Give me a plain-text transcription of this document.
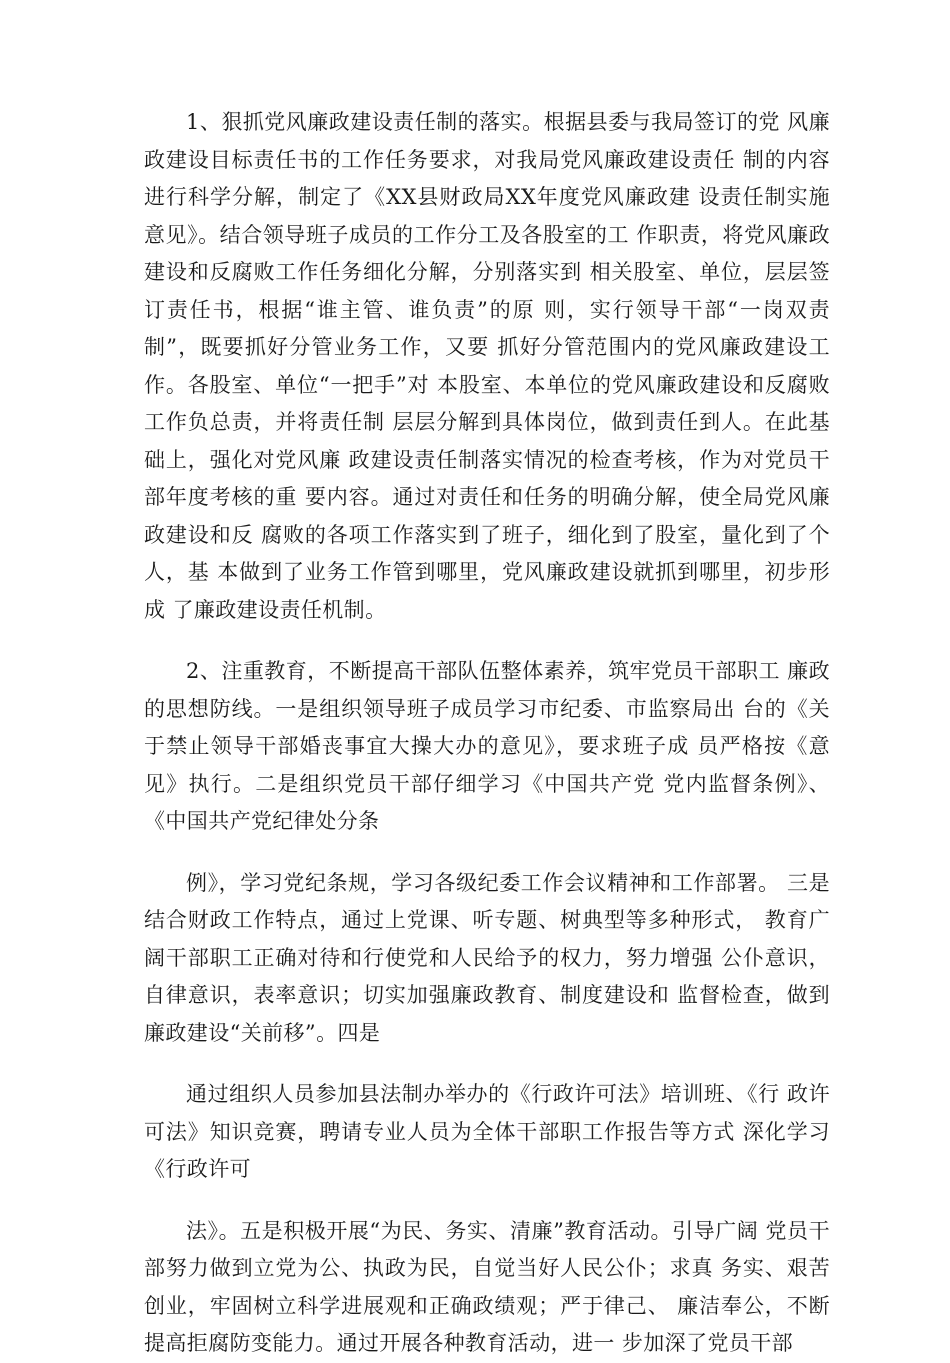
1、狠抓党风廉政建设责任制的落实。根据县委与我局签订的党 风廉政建设目标责任书的工作任务要求，对我局党风廉政建设责任 制的内容进行科学分解，制定了《XX县财政局XX年度党风廉政建 设责任制实施意见》。结合领导班子成员的工作分工及各股室的工 作职责，将党风廉政建设和反腐败工作任务细化分解，分别落实到 相关股室、单位，层层签订责任书，根据“谁主管、谁负责”的原 则，实行领导干部“一岗双责制”，既要抓好分管业务工作，又要 抓好分管范围内的党风廉政建设工作。各股室、单位“一把手”对 本股室、本单位的党风廉政建设和反腐败工作负总责，并将责任制 层层分解到具体岗位，做到责任到人。在此基础上，强化对党风廉 政建设责任制落实情况的检查考核，作为对党员干部年度考核的重 要内容。通过对责任和任务的明确分解，使全局党风廉政建设和反 腐败的各项工作落实到了班子，细化到了股室，量化到了个人，基 本做到了业务工作管到哪里，党风廉政建设就抓到哪里，初步形成 了廉政建设责任机制。

2、注重教育，不断提高干部队伍整体素养，筑牢党员干部职工 廉政的思想防线。一是组织领导班子成员学习市纪委、市监察局出 台的《关于禁止领导干部婚丧事宜大操大办的意见》，要求班子成 员严格按《意见》执行。二是组织党员干部仔细学习《中国共产党 党内监督条例》、《中国共产党纪律处分条

例》，学习党纪条规，学习各级纪委工作会议精神和工作部署。 三是结合财政工作特点，通过上党课、听专题、树典型等多种形式， 教育广阔干部职工正确对待和行使党和人民给予的权力，努力增强 公仆意识，自律意识，表率意识；切实加强廉政教育、制度建设和 监督检查，做到廉政建设“关前移”。四是

通过组织人员参加县法制办举办的《行政许可法》培训班、《行 政许可法》知识竞赛，聘请专业人员为全体干部职工作报告等方式 深化学习《行政许可

法》。五是积极开展“为民、务实、清廉”教育活动。引导广阔 党员干部努力做到立党为公、执政为民，自觉当好人民公仆；求真 务实、艰苦创业，牢固树立科学进展观和正确政绩观；严于律己、 廉洁奉公，不断提高拒腐防变能力。通过开展各种教育活动，进一 步加深了党员干部
